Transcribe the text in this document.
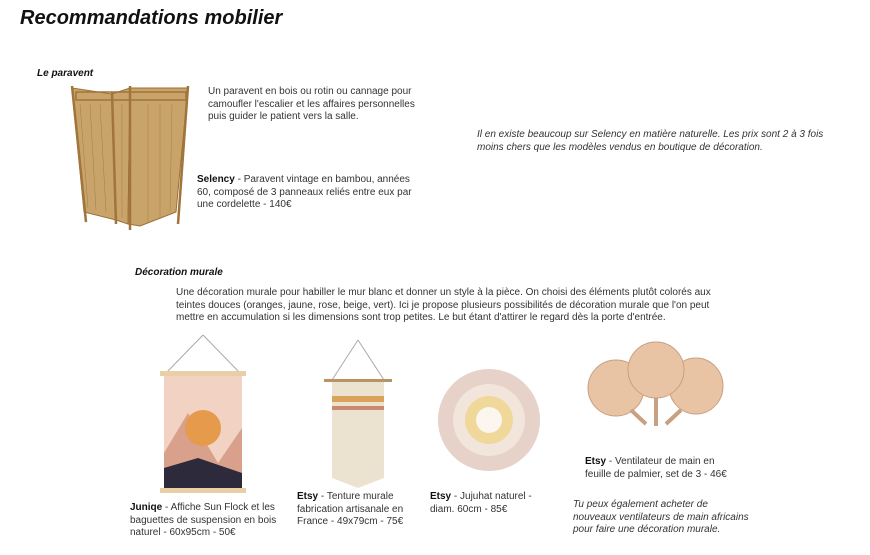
Recommandations mobilier
Le paravent
Un paravent en bois ou rotin ou cannage pour camoufler l'escalier et les affaires personnelles puis guider le patient vers la salle.
Selency - Paravent vintage en bambou, années 60, composé de 3 panneaux reliés entre eux par une cordelette - 140€
Il en existe beaucoup sur Selency en matière naturelle. Les prix sont 2 à 3 fois moins chers que les modèles vendus en boutique de décoration.
Décoration murale
Une décoration murale pour habiller le mur blanc et donner un style à la pièce. On choisi des éléments plutôt colorés aux teintes douces (oranges, jaune, rose, beige, vert). Ici je propose plusieurs possibilités de décoration murale que l'on peut mettre en accumulation si les dimensions sont trop petites. Le but étant d'attirer le regard dès la porte d'entrée.
Juniqe - Affiche Sun Flock et les baguettes de suspension en bois naturel - 60x95cm - 50€
Etsy - Tenture murale fabrication artisanale en France - 49x79cm - 75€
Etsy - Jujuhat naturel - diam. 60cm - 85€
Etsy - Ventilateur de main en feuille de palmier, set de 3 - 46€
Tu peux également acheter de nouveaux ventilateurs de main africains pour faire une décoration murale.
